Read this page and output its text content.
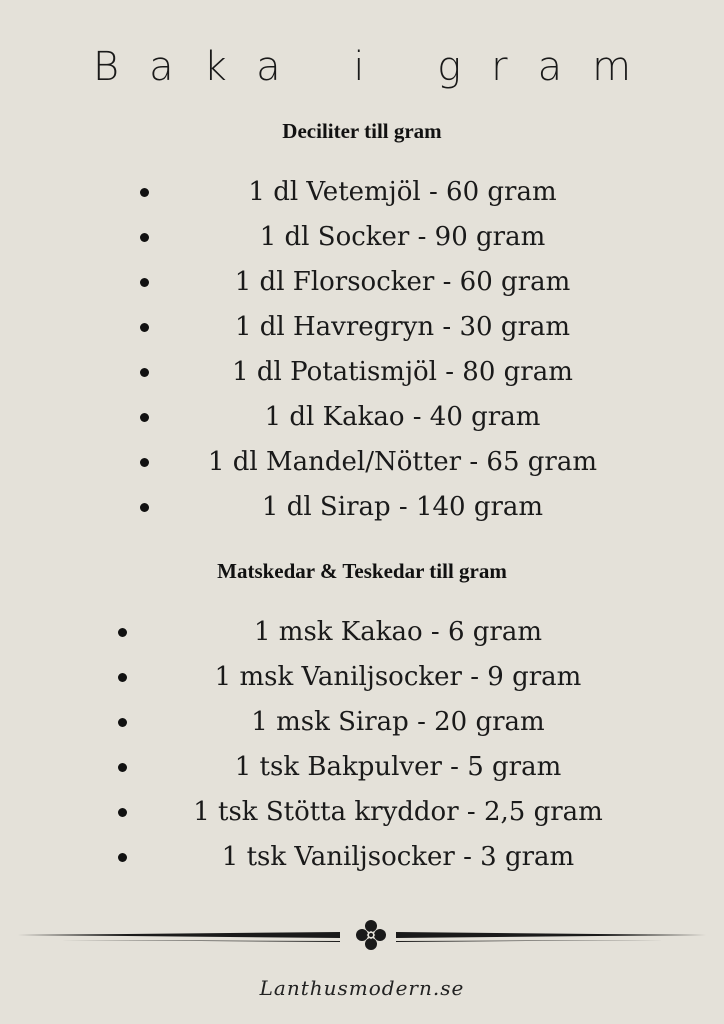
Baka i gram
Deciliter till gram
1 dl Vetemjöl - 60 gram
1 dl Socker - 90 gram
1 dl Florsocker - 60 gram
1 dl Havregryn - 30 gram
1 dl Potatismjöl - 80 gram
1 dl Kakao - 40 gram
1 dl Mandel/Nötter - 65 gram
1 dl Sirap - 140 gram
Matskedar & Teskedar till gram
1 msk Kakao - 6 gram
1 msk Vaniljsocker - 9 gram
1 msk Sirap - 20 gram
1 tsk Bakpulver - 5 gram
1 tsk Stötta kryddor - 2,5 gram
1 tsk Vaniljsocker - 3 gram
Lanthusmodern.se
